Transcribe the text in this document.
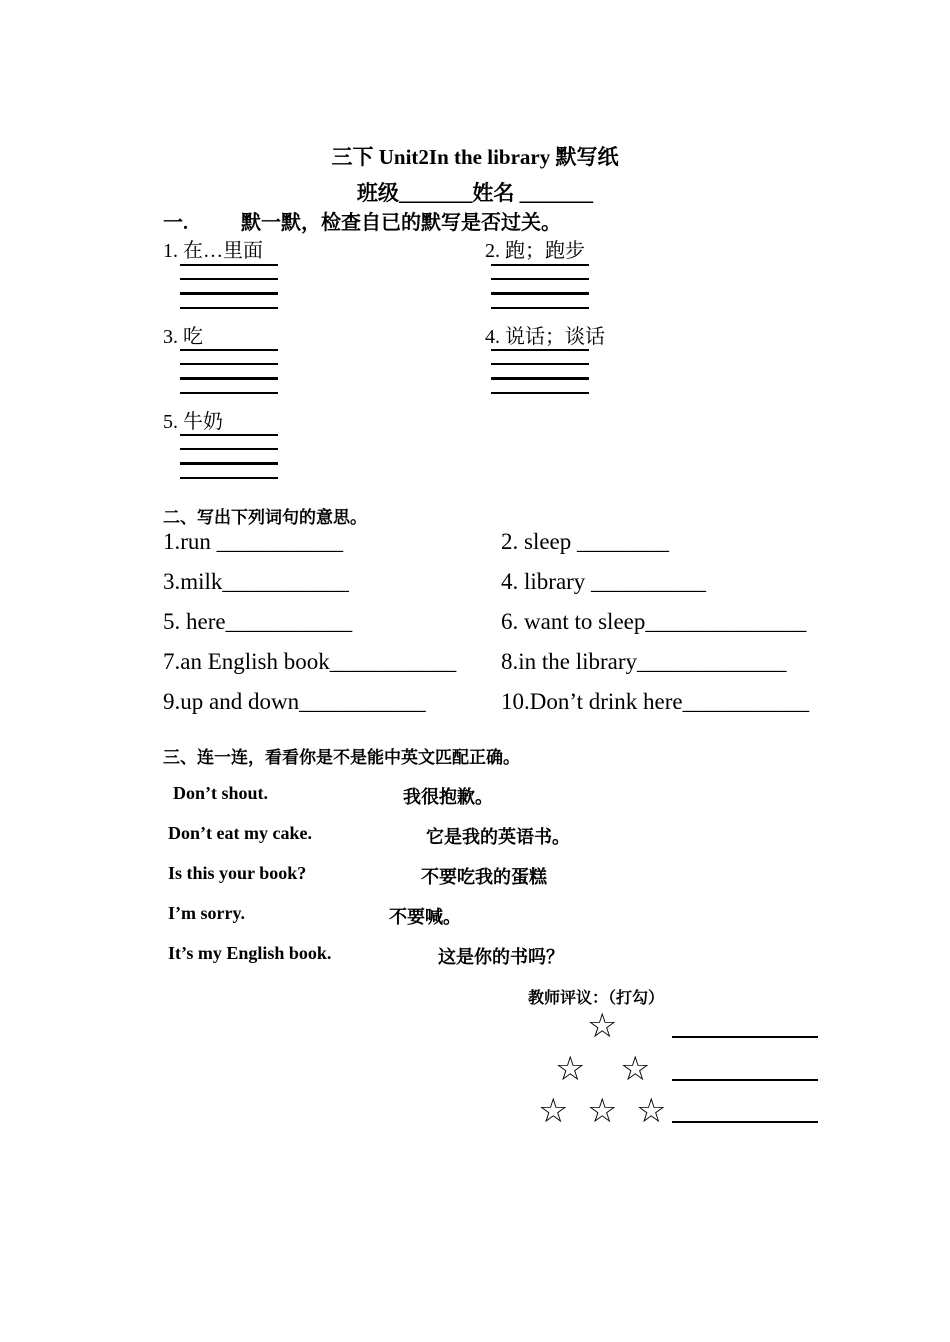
三下 Unit2In the library 默写纸
班级_______姓名 _______
一.	默一默，检查自已的默写是否过关。
1. 在…里面	2. 跑；跑步
3. 吃	4. 说话；谈话
5. 牛奶
二、写出下列词句的意思。
1.run ___________	2. sleep ________
3.milk___________	4. library __________
5. here___________	6. want to sleep______________
7.an English book___________ 8.in the library_____________
9.up and down___________	10.Don’t drink here___________
三、连一连，看看你是不是能中英文匹配正确。
Don’t shout.	我很抱歉。
Don’t eat my cake.	它是我的英语书。
Is this your book?	不要吃我的蛋糕
I’m sorry.	不要喊。
It’s my English book.	这是你的书吗？
教师评议：（打勾）
☆
☆ ☆
☆ ☆ ☆
